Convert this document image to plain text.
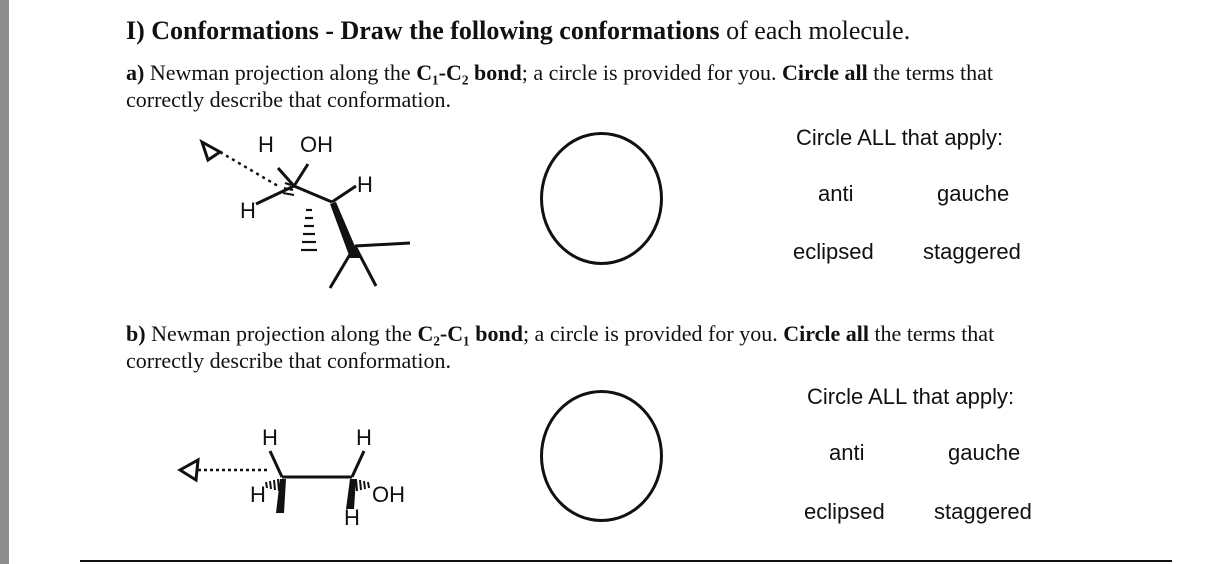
I) Conformations - Draw the following conformations of each molecule.
a) Newman projection along the C₁-C₂ bond; a circle is provided for you. Circle all the terms that
correctly describe that conformation.
H OH
H
H
Circle ALL that apply:
anti	gauche
eclipsed staggered
b) Newman projection along the C₂-C₁ bond; a circle is provided for you. Circle all the terms that
correctly describe that conformation.
H	H
H	OH
H
Circle ALL that apply:
anti	gauche
eclipsed staggered
